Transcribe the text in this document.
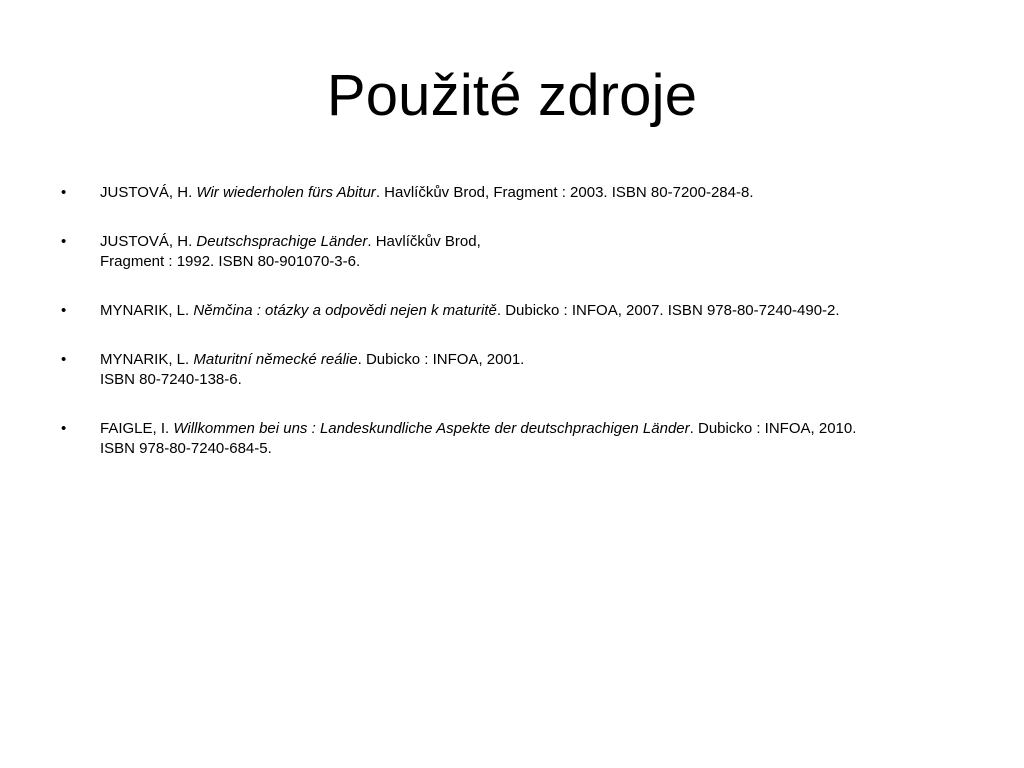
Použité zdroje
• JUSTOVÁ, H. Wir wiederholen fürs Abitur. Havlíčkův Brod, Fragment : 2003. ISBN 80-7200-284-8.
• JUSTOVÁ, H. Deutschsprachige Länder. Havlíčkův Brod,
Fragment : 1992. ISBN 80-901070-3-6.
• MYNARIK, L. Němčina : otázky a odpovědi nejen k maturitě. Dubicko : INFOA, 2007. ISBN 978-80-7240-490-2.
• MYNARIK, L. Maturitní německé reálie. Dubicko : INFOA, 2001.
ISBN 80-7240-138-6.
• FAIGLE, I. Willkommen bei uns : Landeskundliche Aspekte der deutschprachigen Länder. Dubicko : INFOA, 2010.
ISBN 978-80-7240-684-5.
